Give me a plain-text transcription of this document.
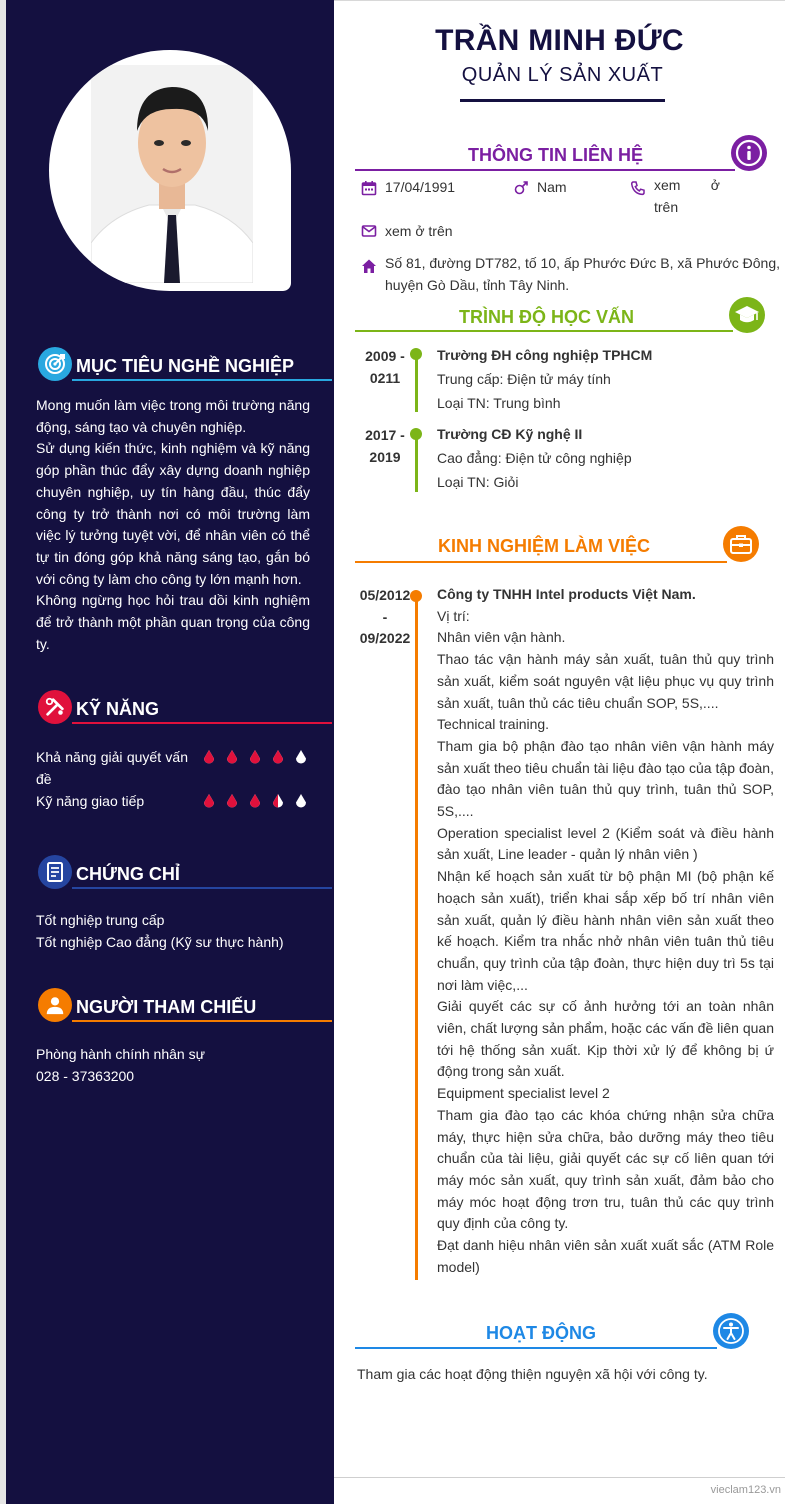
MỤC TIÊU NGHỀ NGHIỆP
Mong muốn làm việc trong môi trường năng động, sáng tạo và chuyên nghiệp.
Sử dụng kiến thức, kinh nghiệm và kỹ năng góp phần thúc đẩy xây dựng doanh nghiệp chuyên nghiệp, uy tín hàng đầu, thúc đẩy công ty trở thành nơi có môi trường làm việc lý tưởng tuyệt vời, để nhân viên có thể tự tin đóng góp khả năng sáng tạo, gắn bó với công ty làm cho công ty lớn mạnh hơn.
Không ngừng học hỏi trau dồi kinh nghiệm để trở thành một phần quan trọng của công ty.
KỸ NĂNG
Khả năng giải quyết vấn đề
Kỹ năng giao tiếp
CHỨNG CHỈ
Tốt nghiệp trung cấp
Tốt nghiệp Cao đẳng (Kỹ sư thực hành)
NGƯỜI THAM CHIẾU
Phòng hành chính nhân sự
028 - 37363200
TRẦN MINH ĐỨC
QUẢN LÝ SẢN XUẤT
THÔNG TIN LIÊN HỆ
17/04/1991	Nam	xem ở trên
xem ở trên
Số 81, đường DT782, tố 10, ấp Phước Đức B, xã Phước Đông, huyện Gò Dầu, tỉnh Tây Ninh.
TRÌNH ĐỘ HỌC VẤN
2009 - 0211
Trường ĐH công nghiệp TPHCM
Trung cấp: Điện tử máy tính
Loại TN: Trung bình
2017 - 2019
Trường CĐ Kỹ nghệ II
Cao đẳng: Điện tử công nghiệp
Loại TN: Giỏi
KINH NGHIỆM LÀM VIỆC
05/2012
-
09/2022
Công ty TNHH Intel products Việt Nam.
Vị trí:
Nhân viên vận hành.
Thao tác vận hành máy sản xuất, tuân thủ quy trình sản xuất, kiểm soát nguyên vật liệu phục vụ quy trình sản xuất, tuân thủ các tiêu chuẩn SOP, 5S,....
Technical training.
Tham gia bộ phận đào tạo nhân viên vận hành máy sản xuất theo tiêu chuẩn tài liệu đào tạo của tập đoàn, đào tạo nhân viên tuân thủ quy trình, tuân thủ SOP, 5S,....
Operation specialist level 2 (Kiểm soát và điều hành sản xuất, Line leader - quản lý nhân viên )
Nhận kế hoạch sản xuất từ bộ phận MI (bộ phận kế hoạch sản xuất), triển khai sắp xếp bố trí nhân viên sản xuất, quản lý điều hành nhân viên sản xuất theo kế hoạch. Kiểm tra nhắc nhở nhân viên tuân thủ tiêu chuẩn, quy trình của tập đoàn, thực hiện duy trì 5s tại nơi làm việc,...
Giải quyết các sự cố ảnh hưởng tới an toàn nhân viên, chất lượng sản phẩm, hoặc các vấn đề liên quan tới hệ thống sản xuất. Kịp thời xử lý để không bị ứ động trong sản xuất.
Equipment specialist level 2
Tham gia đào tạo các khóa chứng nhận sửa chữa máy, thực hiện sửa chữa, bảo dưỡng máy theo tiêu chuẩn của tài liệu, giải quyết các sự cố liên quan tới máy móc sản xuất, quy trình sản xuất, đảm bảo cho máy móc hoạt động trơn tru, tuân thủ các quy trình quy định của công ty.
Đạt danh hiệu nhân viên sản xuất xuất sắc (ATM Role model)
HOẠT ĐỘNG
Tham gia các hoạt động thiện nguyện xã hội với công ty.
vieclam123.vn
